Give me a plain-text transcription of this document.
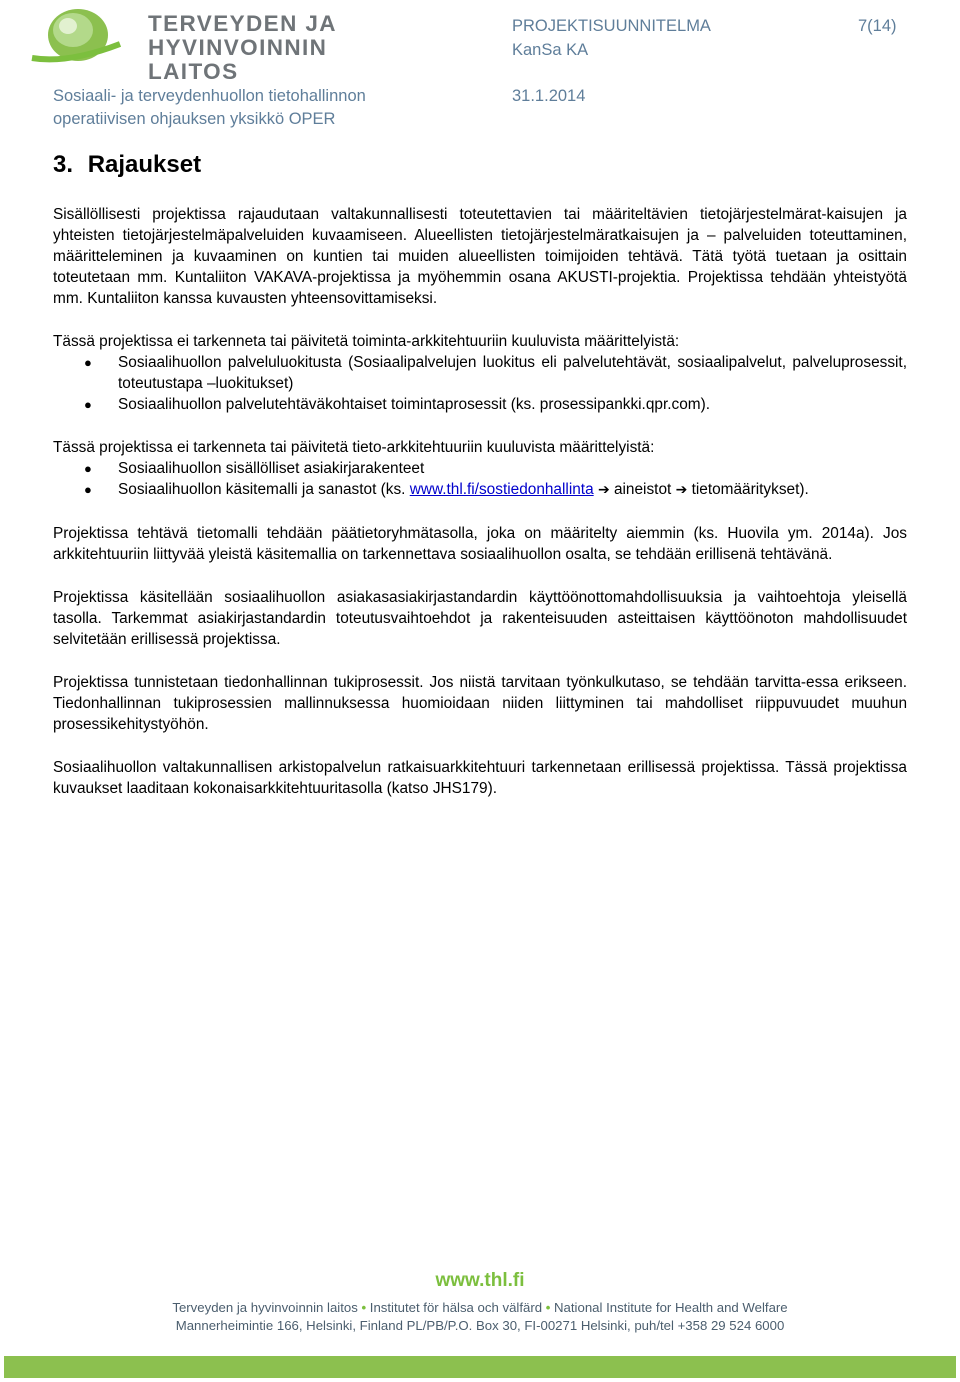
TERVEYDEN JA
HYVINVOINNIN LAITOS
PROJEKTISUUNNITELMA	7(14)
KanSa KA
Sosiaali- ja terveydenhuollon tietohallinnon	31.1.2014
operatiivisen ohjauksen yksikkö OPER
3. Rajaukset

Sisällöllisesti projektissa rajaudutaan valtakunnallisesti toteutettavien tai määriteltävien tietojärjestelmärat-kaisujen ja yhteisten tietojärjestelmäpalveluiden kuvaamiseen. Alueellisten tietojärjestelmäratkaisujen ja – palveluiden toteuttaminen, määritteleminen ja kuvaaminen on kuntien tai muiden alueellisten toimijoiden tehtävä. Tätä työtä tuetaan ja osittain toteutetaan mm. Kuntaliiton VAKAVA-projektissa ja myöhemmin osana AKUSTI-projektia. Projektissa tehdään yhteistyötä mm. Kuntaliiton kanssa kuvausten yhteensovittamiseksi.

Tässä projektissa ei tarkenneta tai päivitetä toiminta-arkkitehtuuriin kuuluvista määrittelyistä:

● Sosiaalihuollon palveluluokitusta (Sosiaalipalvelujen luokitus eli palvelutehtävät, sosiaalipalvelut, palveluprosessit, toteutustapa –luokitukset)
● Sosiaalihuollon palvelutehtäväkohtaiset toimintaprosessit (ks. prosessipankki.qpr.com).

Tässä projektissa ei tarkenneta tai päivitetä tieto-arkkitehtuuriin kuuluvista määrittelyistä:

● Sosiaalihuollon sisällölliset asiakirjarakenteet
● Sosiaalihuollon käsitemalli ja sanastot (ks. www.thl.fi/sostiedonhallinta ➔ aineistot ➔ tietomääritykset).

Projektissa tehtävä tietomalli tehdään päätietoryhmätasolla, joka on määritelty aiemmin (ks. Huovila ym. 2014a). Jos arkkitehtuuriin liittyvää yleistä käsitemallia on tarkennettava sosiaalihuollon osalta, se tehdään erillisenä tehtävänä.

Projektissa käsitellään sosiaalihuollon asiakasasiakirjastandardin käyttöönottomahdollisuuksia ja vaihtoehtoja yleisellä tasolla. Tarkemmat asiakirjastandardin toteutusvaihtoehdot ja rakenteisuuden asteittaisen käyttöönoton mahdollisuudet selvitetään erillisessä projektissa.

Projektissa tunnistetaan tiedonhallinnan tukiprosessit. Jos niistä tarvitaan työnkulkutaso, se tehdään tarvitta-essa erikseen. Tiedonhallinnan tukiprosessien mallinnuksessa huomioidaan niiden liittyminen tai mahdolliset riippuvuudet muuhun prosessikehitystyöhön.

Sosiaalihuollon valtakunnallisen arkistopalvelun ratkaisuarkkitehtuuri tarkennetaan erillisessä projektissa. Tässä projektissa kuvaukset laaditaan kokonaisarkkitehtuuritasolla (katso JHS179).

www.thl.fi
Terveyden ja hyvinvoinnin laitos • Institutet för hälsa och välfärd • National Institute for Health and Welfare
Mannerheimintie 166, Helsinki, Finland PL/PB/P.O. Box 30, FI-00271 Helsinki, puh/tel +358 29 524 6000
